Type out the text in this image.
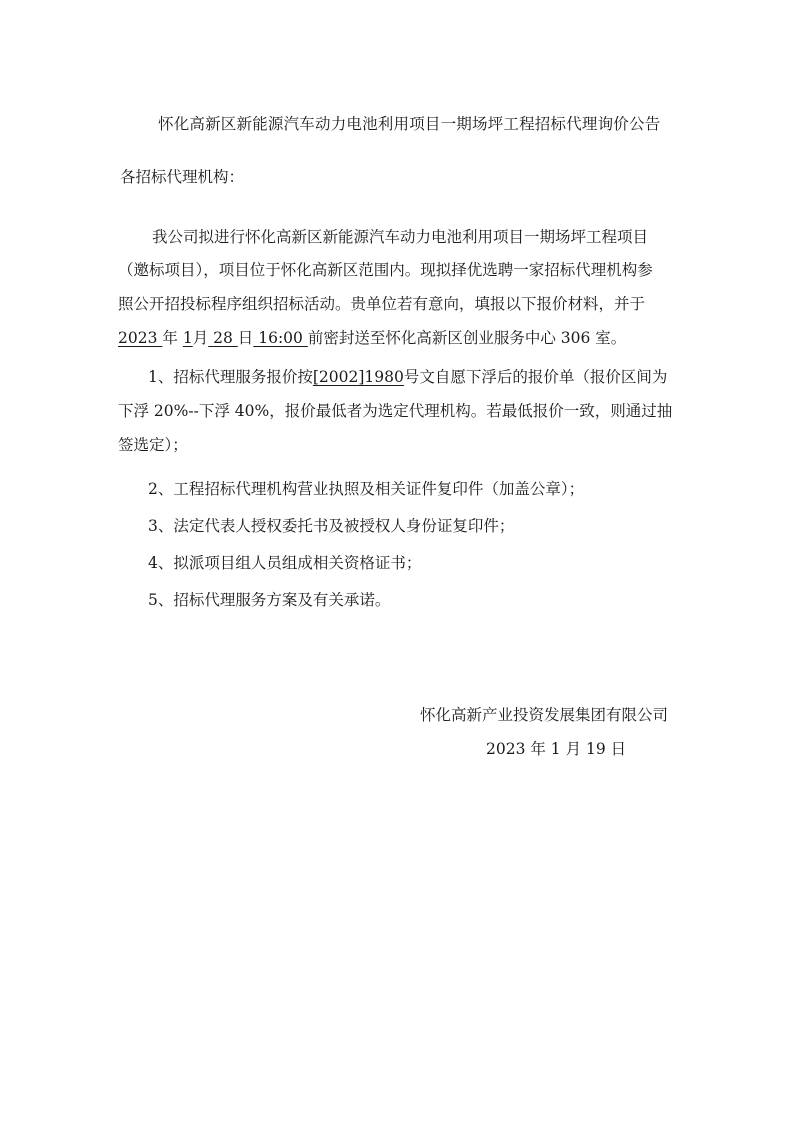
怀化高新区新能源汽车动力电池利用项目一期场坪工程招标代理询价公告
各招标代理机构：
我公司拟进行怀化高新区新能源汽车动力电池利用项目一期场坪工程项目
（邀标项目），项目位于怀化高新区范围内。现拟择优选聘一家招标代理机构参
照公开招投标程序组织招标活动。贵单位若有意向，填报以下报价材料，并于
2023 年 1月 28 日 16:00 前密封送至怀化高新区创业服务中心 306 室。
1、招标代理服务报价按[2002]1980号文自愿下浮后的报价单（报价区间为
下浮 20%--下浮 40%，报价最低者为选定代理机构。若最低报价一致，则通过抽
签选定）；
2、工程招标代理机构营业执照及相关证件复印件（加盖公章）；
3、法定代表人授权委托书及被授权人身份证复印件；
4、拟派项目组人员组成相关资格证书；
5、招标代理服务方案及有关承诺。
怀化高新产业投资发展集团有限公司
2023 年 1 月 19 日
